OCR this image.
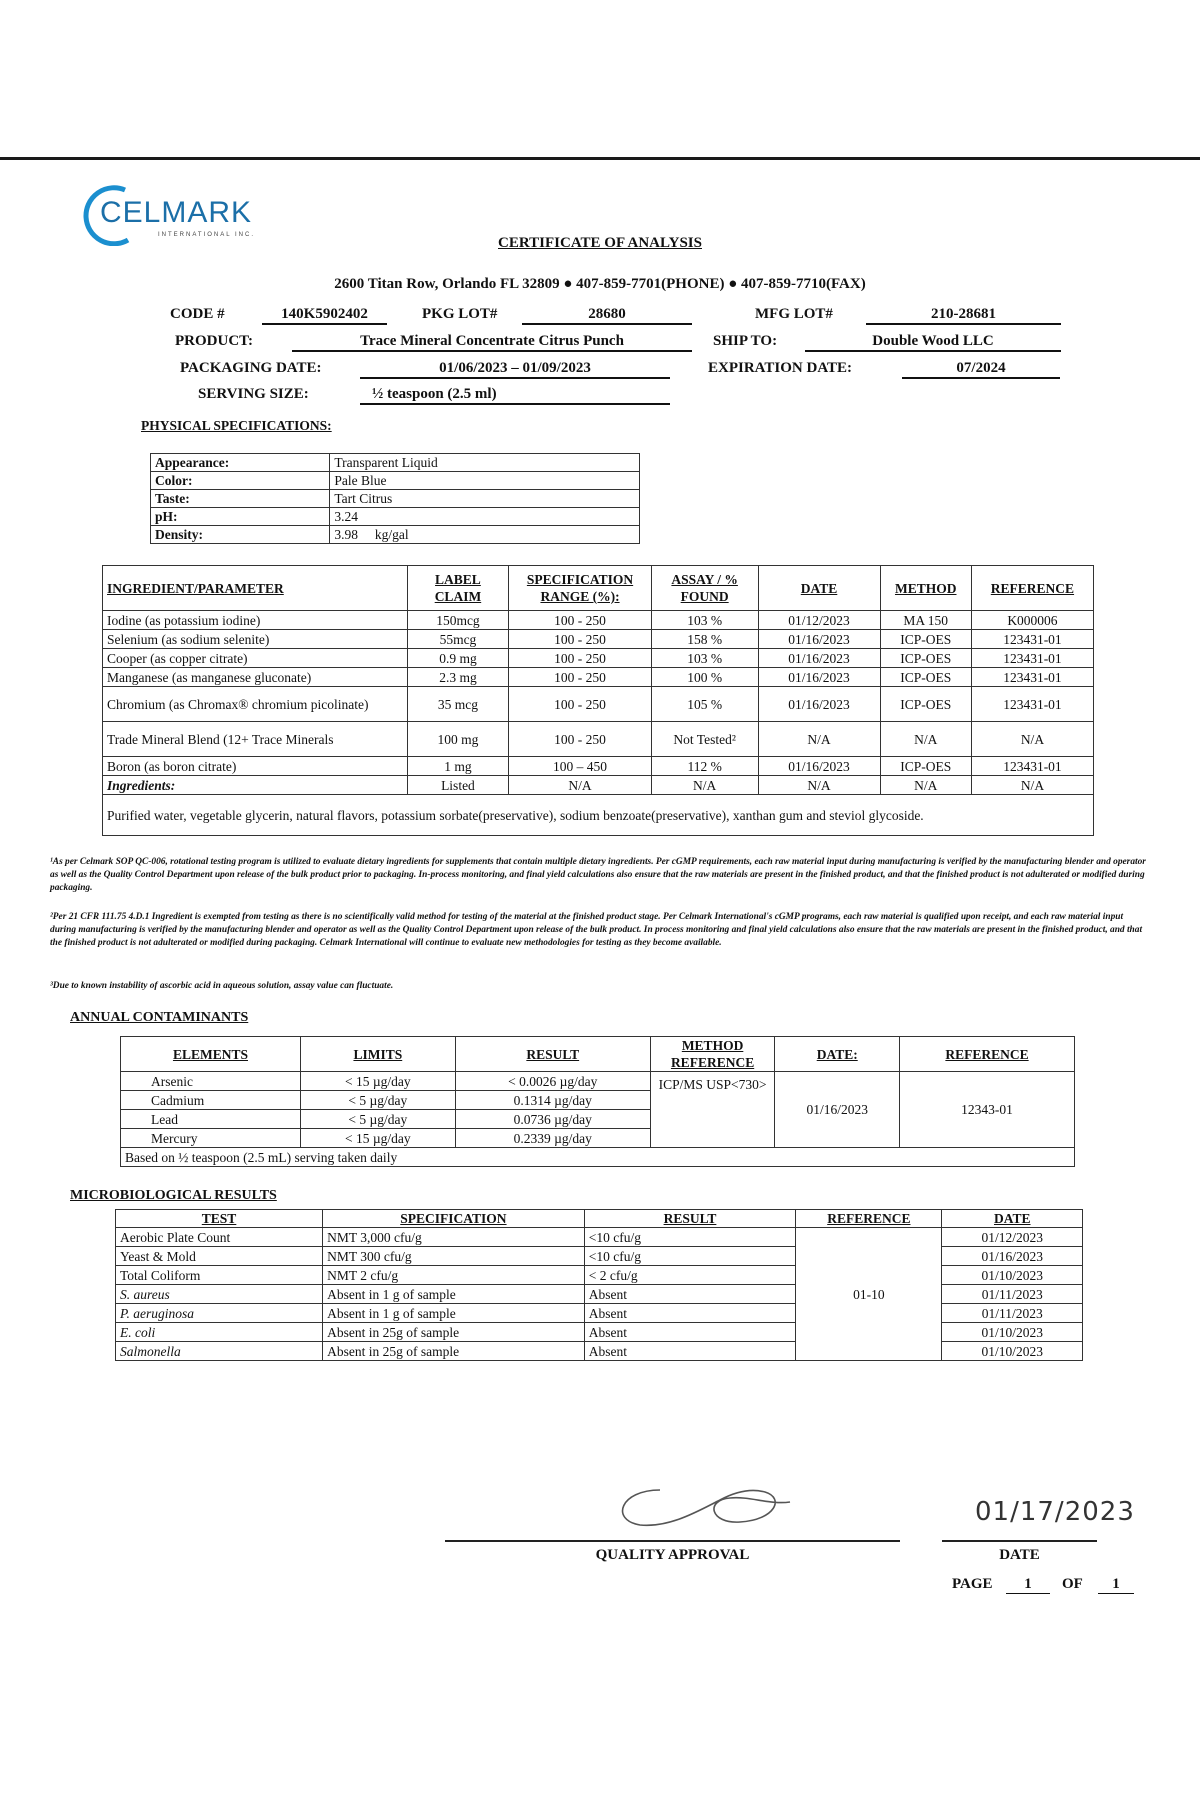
CELMARK
INTERNATIONAL INC.	CERTIFICATE OF ANALYSIS
2600 Titan Row, Orlando FL 32809 ● 407-859-7701(PHONE) ● 407-859-7710(FAX)
CODE #	140K5902402	PKG LOT#	28680	MFG LOT#	210-28681
PRODUCT:	Trace Mineral Concentrate Citrus Punch	SHIP TO:	Double Wood LLC
PACKAGING DATE:	01/06/2023 – 01/09/2023	EXPIRATION DATE:	07/2024
SERVING SIZE:	½ teaspoon (2.5 ml)
PHYSICAL SPECIFICATIONS:
Appearance:	Transparent Liquid
Color:	Pale Blue
Taste:	Tart Citrus
pH:	3.24
Density:	3.98     kg/gal
INGREDIENT/PARAMETER	LABEL CLAIM	SPECIFICATION RANGE (%):	ASSAY / % FOUND	DATE	METHOD	REFERENCE
Iodine (as potassium iodine)	150mcg	100 - 250	103 %	01/12/2023	MA 150	K000006
Selenium (as sodium selenite)	55mcg	100 - 250	158 %	01/16/2023	ICP-OES	123431-01
Cooper (as copper citrate)	0.9 mg	100 - 250	103 %	01/16/2023	ICP-OES	123431-01
Manganese (as manganese gluconate)	2.3 mg	100 - 250	100 %	01/16/2023	ICP-OES	123431-01
Chromium (as Chromax® chromium picolinate)	35 mcg	100 - 250	105 %	01/16/2023	ICP-OES	123431-01
Trade Mineral Blend (12+ Trace Minerals	100 mg	100 - 250	Not Tested²	N/A	N/A	N/A
Boron (as boron citrate)	1 mg	100 – 450	112 %	01/16/2023	ICP-OES	123431-01
Ingredients:	Listed	N/A	N/A	N/A	N/A	N/A
Purified water, vegetable glycerin, natural flavors, potassium sorbate(preservative), sodium benzoate(preservative), xanthan gum and steviol glycoside.						
¹As per Celmark SOP QC-006, rotational testing program is utilized to evaluate dietary ingredients for supplements that contain multiple dietary ingredients. Per cGMP requirements, each raw material input during manufacturing is verified by the manufacturing blender and operator as well as the Quality Control Department upon release of the bulk product prior to packaging. In-process monitoring, and final yield calculations also ensure that the raw materials are present in the finished product, and that the finished product is not adulterated or modified during packaging.
²Per 21 CFR 111.75 4.D.1 Ingredient is exempted from testing as there is no scientifically valid method for testing of the material at the finished product stage. Per Celmark International's cGMP programs, each raw material is qualified upon receipt, and each raw material input during manufacturing is verified by the manufacturing blender and operator as well as the Quality Control Department upon release of the bulk product. In process monitoring and final yield calculations also ensure that the raw materials are present in the finished product, and that the finished product is not adulterated or modified during packaging. Celmark International will continue to evaluate new methodologies for testing as they become available.
³Due to known instability of ascorbic acid in aqueous solution, assay value can fluctuate.
ANNUAL CONTAMINANTS
ELEMENTS	LIMITS	RESULT	METHOD REFERENCE	DATE:	REFERENCE
Arsenic	< 15 µg/day	< 0.0026 µg/day	ICP/MS USP<730>	01/16/2023	12343-01
Cadmium	< 5 µg/day	0.1314 µg/day			
Lead	< 5 µg/day	0.0736 µg/day			
Mercury	< 15 µg/day	0.2339 µg/day			
Based on ½ teaspoon (2.5 mL) serving taken daily					
MICROBIOLOGICAL RESULTS
TEST	SPECIFICATION	RESULT	REFERENCE	DATE
Aerobic Plate Count	NMT 3,000 cfu/g	<10 cfu/g	01-10	01/12/2023
Yeast & Mold	NMT 300 cfu/g	<10 cfu/g		01/16/2023
Total Coliform	NMT 2 cfu/g	< 2 cfu/g		01/10/2023
S. aureus	Absent in 1 g of sample	Absent		01/11/2023
P. aeruginosa	Absent in 1 g of sample	Absent		01/11/2023
E. coli	Absent in 25g of sample	Absent		01/10/2023
Salmonella	Absent in 25g of sample	Absent		01/10/2023
QUALITY APPROVAL
01/17/2023
DATE
PAGE	1	OF	1
